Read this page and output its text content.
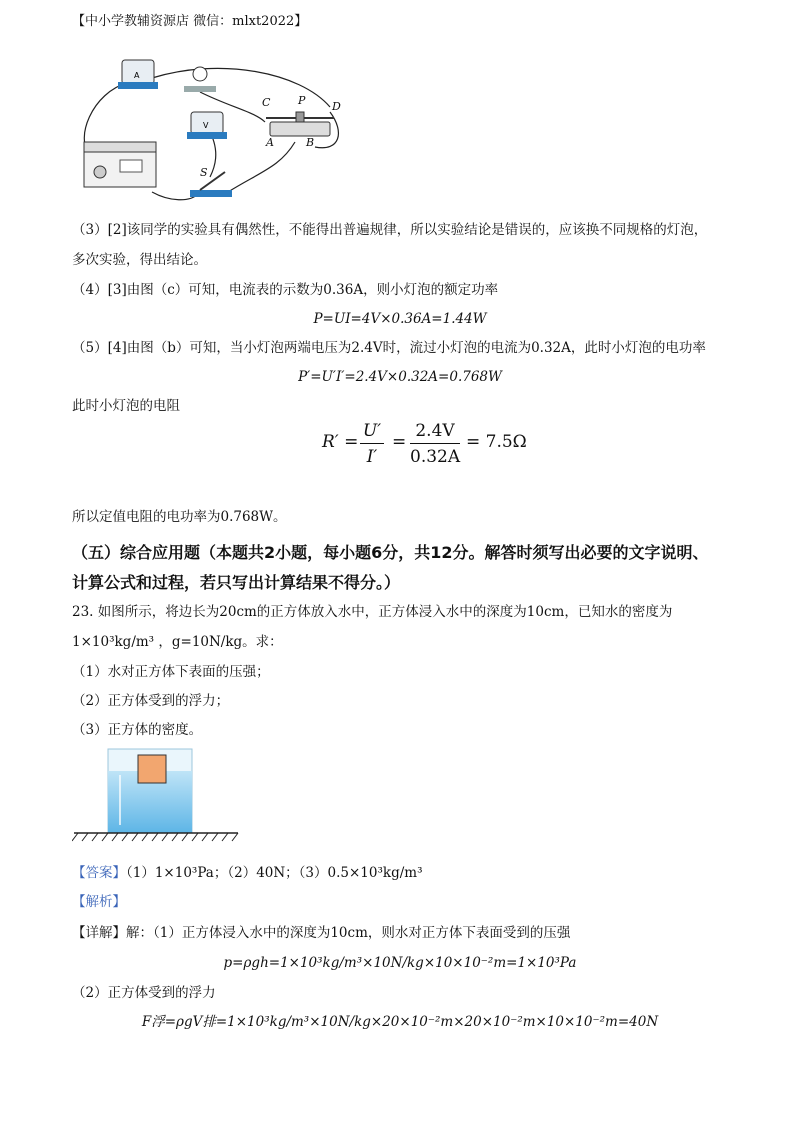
【中小学教辅资源店 微信：mlxt2022】
A
V
C	P D
A	B
S
（3）[2]该同学的实验具有偶然性，不能得出普遍规律，所以实验结论是错误的，应该换不同规格的灯泡，
多次实验，得出结论。
（4）[3]由图（c）可知，电流表的示数为0.36A，则小灯泡的额定功率
P=UI=4V×0.36A=1.44W
（5）[4]由图（b）可知，当小灯泡两端电压为2.4V时，流过小灯泡的电流为0.32A，此时小灯泡的电功率
P′=U′I′=2.4V×0.32A=0.768W
此时小灯泡的电阻
R′ =
U′
I′
=
2.4V
0.32A
= 7.5Ω
所以定值电阻的电功率为0.768W。
（五）综合应用题（本题共2小题，每小题6分，共12分。解答时须写出必要的文字说明、
计算公式和过程，若只写出计算结果不得分。）
23. 如图所示，将边长为20cm的正方体放入水中，正方体浸入水中的深度为10cm，已知水的密度为
1×10³kg/m³ ，g=10N/kg。求：
（1）水对正方体下表面的压强；
（2）正方体受到的浮力；
（3）正方体的密度。
【答案】（1）1×10³Pa；（2）40N；（3）0.5×10³kg/m³
【解析】
【详解】解：（1）正方体浸入水中的深度为10cm，则水对正方体下表面受到的压强
p=ρgh=1×10³kg/m³×10N/kg×10×10⁻²m=1×10³Pa
（2）正方体受到的浮力
F浮=ρgV排=1×10³kg/m³×10N/kg×20×10⁻²m×20×10⁻²m×10×10⁻²m=40N
